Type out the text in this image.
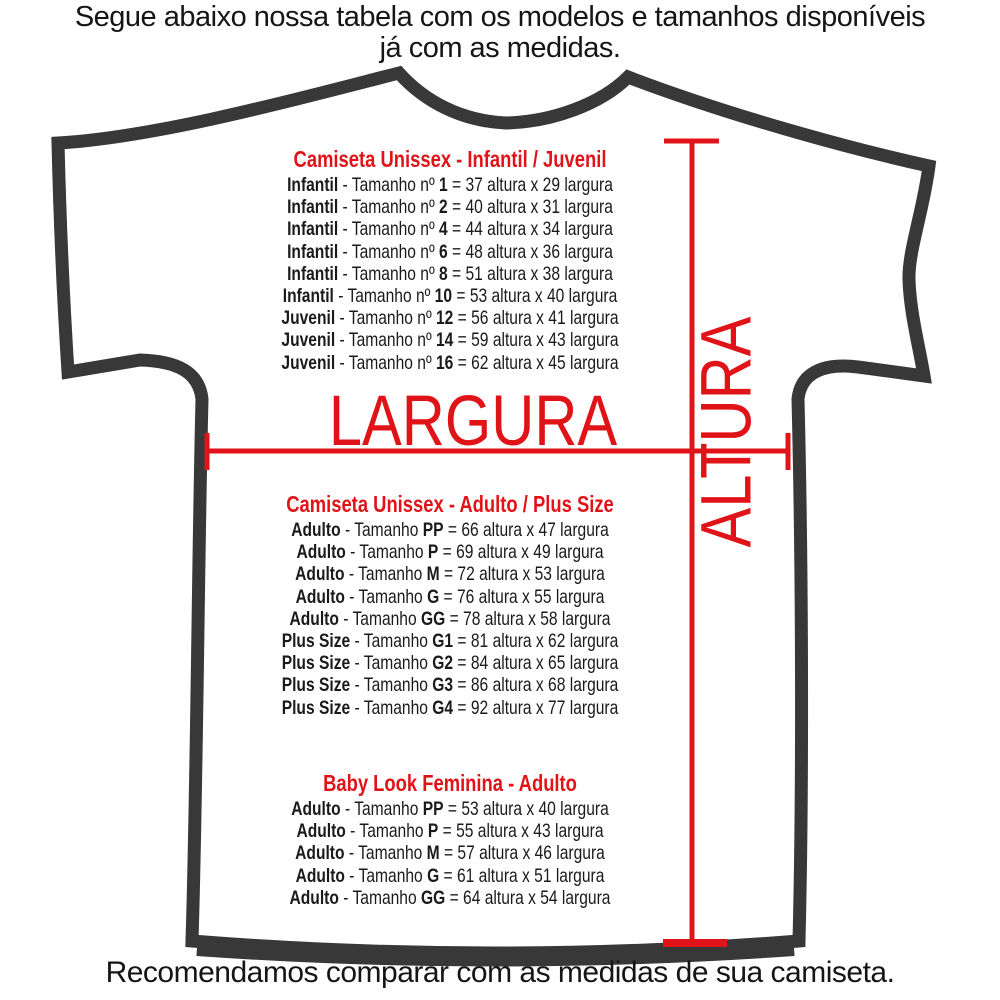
Segue abaixo nossa tabela com os modelos e tamanhos disponíveis
já com as medidas.
Camiseta Unissex - Infantil / Juvenil
Infantil - Tamanho nº 1 = 37 altura x 29 largura
Infantil - Tamanho nº 2 = 40 altura x 31 largura
Infantil - Tamanho nº 4 = 44 altura x 34 largura
Infantil - Tamanho nº 6 = 48 altura x 36 largura
Infantil - Tamanho nº 8 = 51 altura x 38 largura
Infantil - Tamanho nº 10 = 53 altura x 40 largura
Juvenil - Tamanho nº 12 = 56 altura x 41 largura
Juvenil - Tamanho nº 14 = 59 altura x 43 largura
Juvenil - Tamanho nº 16 = 62 altura x 45 largura
LARGURA ALTURA
Camiseta Unissex - Adulto / Plus Size
Adulto - Tamanho PP = 66 altura x 47 largura
Adulto - Tamanho P = 69 altura x 49 largura
Adulto - Tamanho M = 72 altura x 53 largura
Adulto - Tamanho G = 76 altura x 55 largura
Adulto - Tamanho GG = 78 altura x 58 largura
Plus Size - Tamanho G1 = 81 altura x 62 largura
Plus Size - Tamanho G2 = 84 altura x 65 largura
Plus Size - Tamanho G3 = 86 altura x 68 largura
Plus Size - Tamanho G4 = 92 altura x 77 largura
Baby Look Feminina - Adulto
Adulto - Tamanho PP = 53 altura x 40 largura
Adulto - Tamanho P = 55 altura x 43 largura
Adulto - Tamanho M = 57 altura x 46 largura
Adulto - Tamanho G = 61 altura x 51 largura
Adulto - Tamanho GG = 64 altura x 54 largura
Recomendamos comparar com as medidas de sua camiseta.
